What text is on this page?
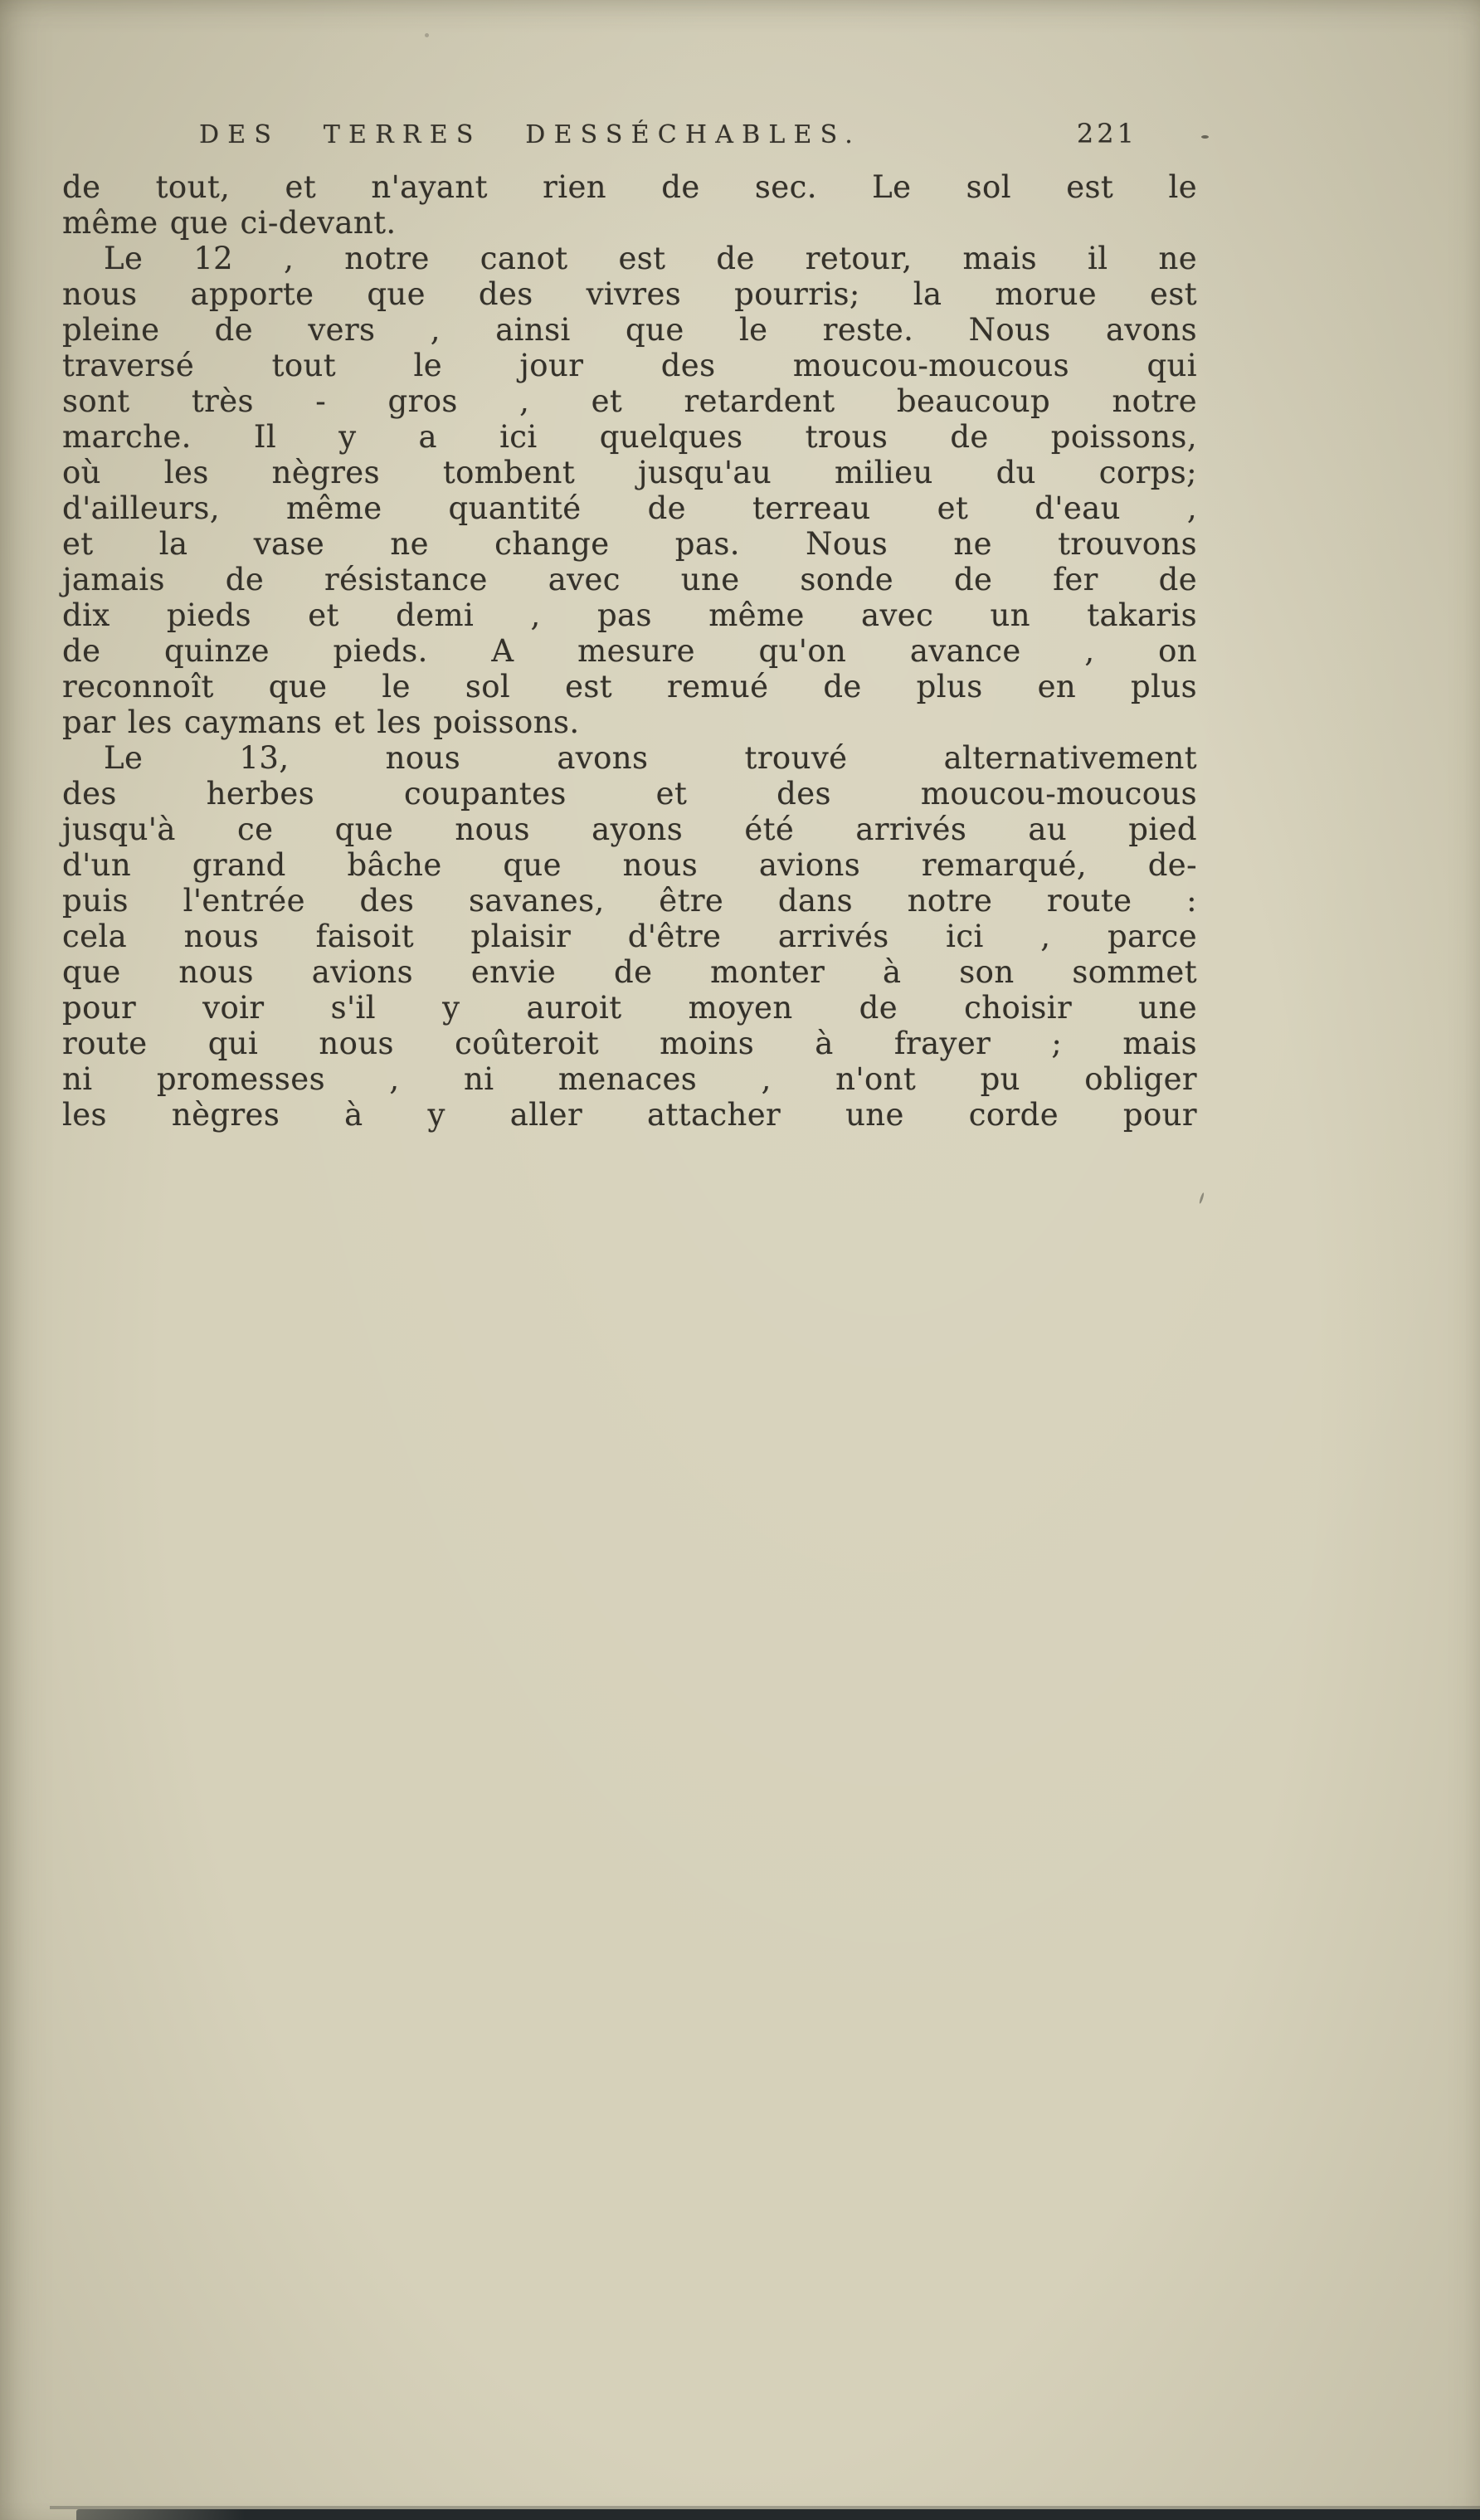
DES TERRES DESSÉCHABLES.	221
de tout, et n'ayant rien de sec. Le sol est le
même que ci-devant.
Le 12 , notre canot est de retour, mais il ne
nous apporte que des vivres pourris; la morue est
pleine de vers , ainsi que le reste. Nous avons
traversé tout le jour des moucou-moucous qui
sont très - gros , et retardent beaucoup notre
marche. Il y a ici quelques trous de poissons,
où les nègres tombent jusqu'au milieu du corps;
d'ailleurs, même quantité de terreau et d'eau ,
et la vase ne change pas. Nous ne trouvons
jamais de résistance avec une sonde de fer de
dix pieds et demi , pas même avec un takaris
de quinze pieds. A mesure qu'on avance , on
reconnoît que le sol est remué de plus en plus
par les caymans et les poissons.
Le 13, nous avons trouvé alternativement
des herbes coupantes et des moucou-moucous
jusqu'à ce que nous ayons été arrivés au pied
d'un grand bâche que nous avions remarqué, de-
puis l'entrée des savanes, être dans notre route :
cela nous faisoit plaisir d'être arrivés ici , parce
que nous avions envie de monter à son sommet
pour voir s'il y auroit moyen de choisir une
route qui nous coûteroit moins à frayer ; mais
ni promesses , ni menaces , n'ont pu obliger
les nègres à y aller attacher une corde pour
